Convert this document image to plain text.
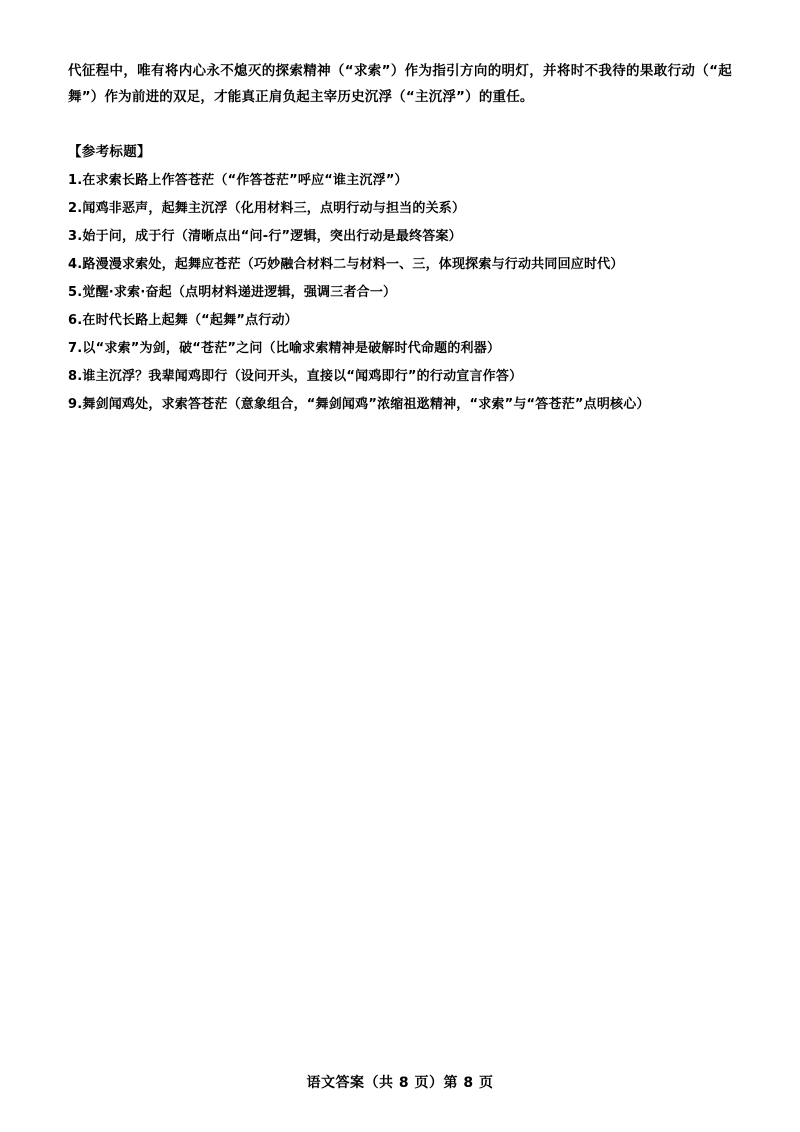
代征程中，唯有将内心永不熄灭的探索精神（“求索”）作为指引方向的明灯，并将时不我待的果敢行动（“起舞”）作为前进的双足，才能真正肩负起主宰历史沉浮（“主沉浮”）的重任。

【参考标题】
1.在求索长路上作答苍茫（“作答苍茫”呼应“谁主沉浮”）
2.闻鸡非恶声，起舞主沉浮（化用材料三，点明行动与担当的关系）
3.始于问，成于行（清晰点出“问-行”逻辑，突出行动是最终答案）
4.路漫漫求索处，起舞应苍茫（巧妙融合材料二与材料一、三，体现探索与行动共同回应时代）
5.觉醒·求索·奋起（点明材料递进逻辑，强调三者合一）
6.在时代长路上起舞（“起舞”点行动）
7.以“求索”为剑，破“苍茫”之问（比喻求索精神是破解时代命题的利器）
8.谁主沉浮？我辈闻鸡即行（设问开头，直接以“闻鸡即行”的行动宣言作答）
9.舞剑闻鸡处，求索答苍茫（意象组合，“舞剑闻鸡”浓缩祖逖精神，“求索”与“答苍茫”点明核心）
语文答案（共 8 页）第 8 页
